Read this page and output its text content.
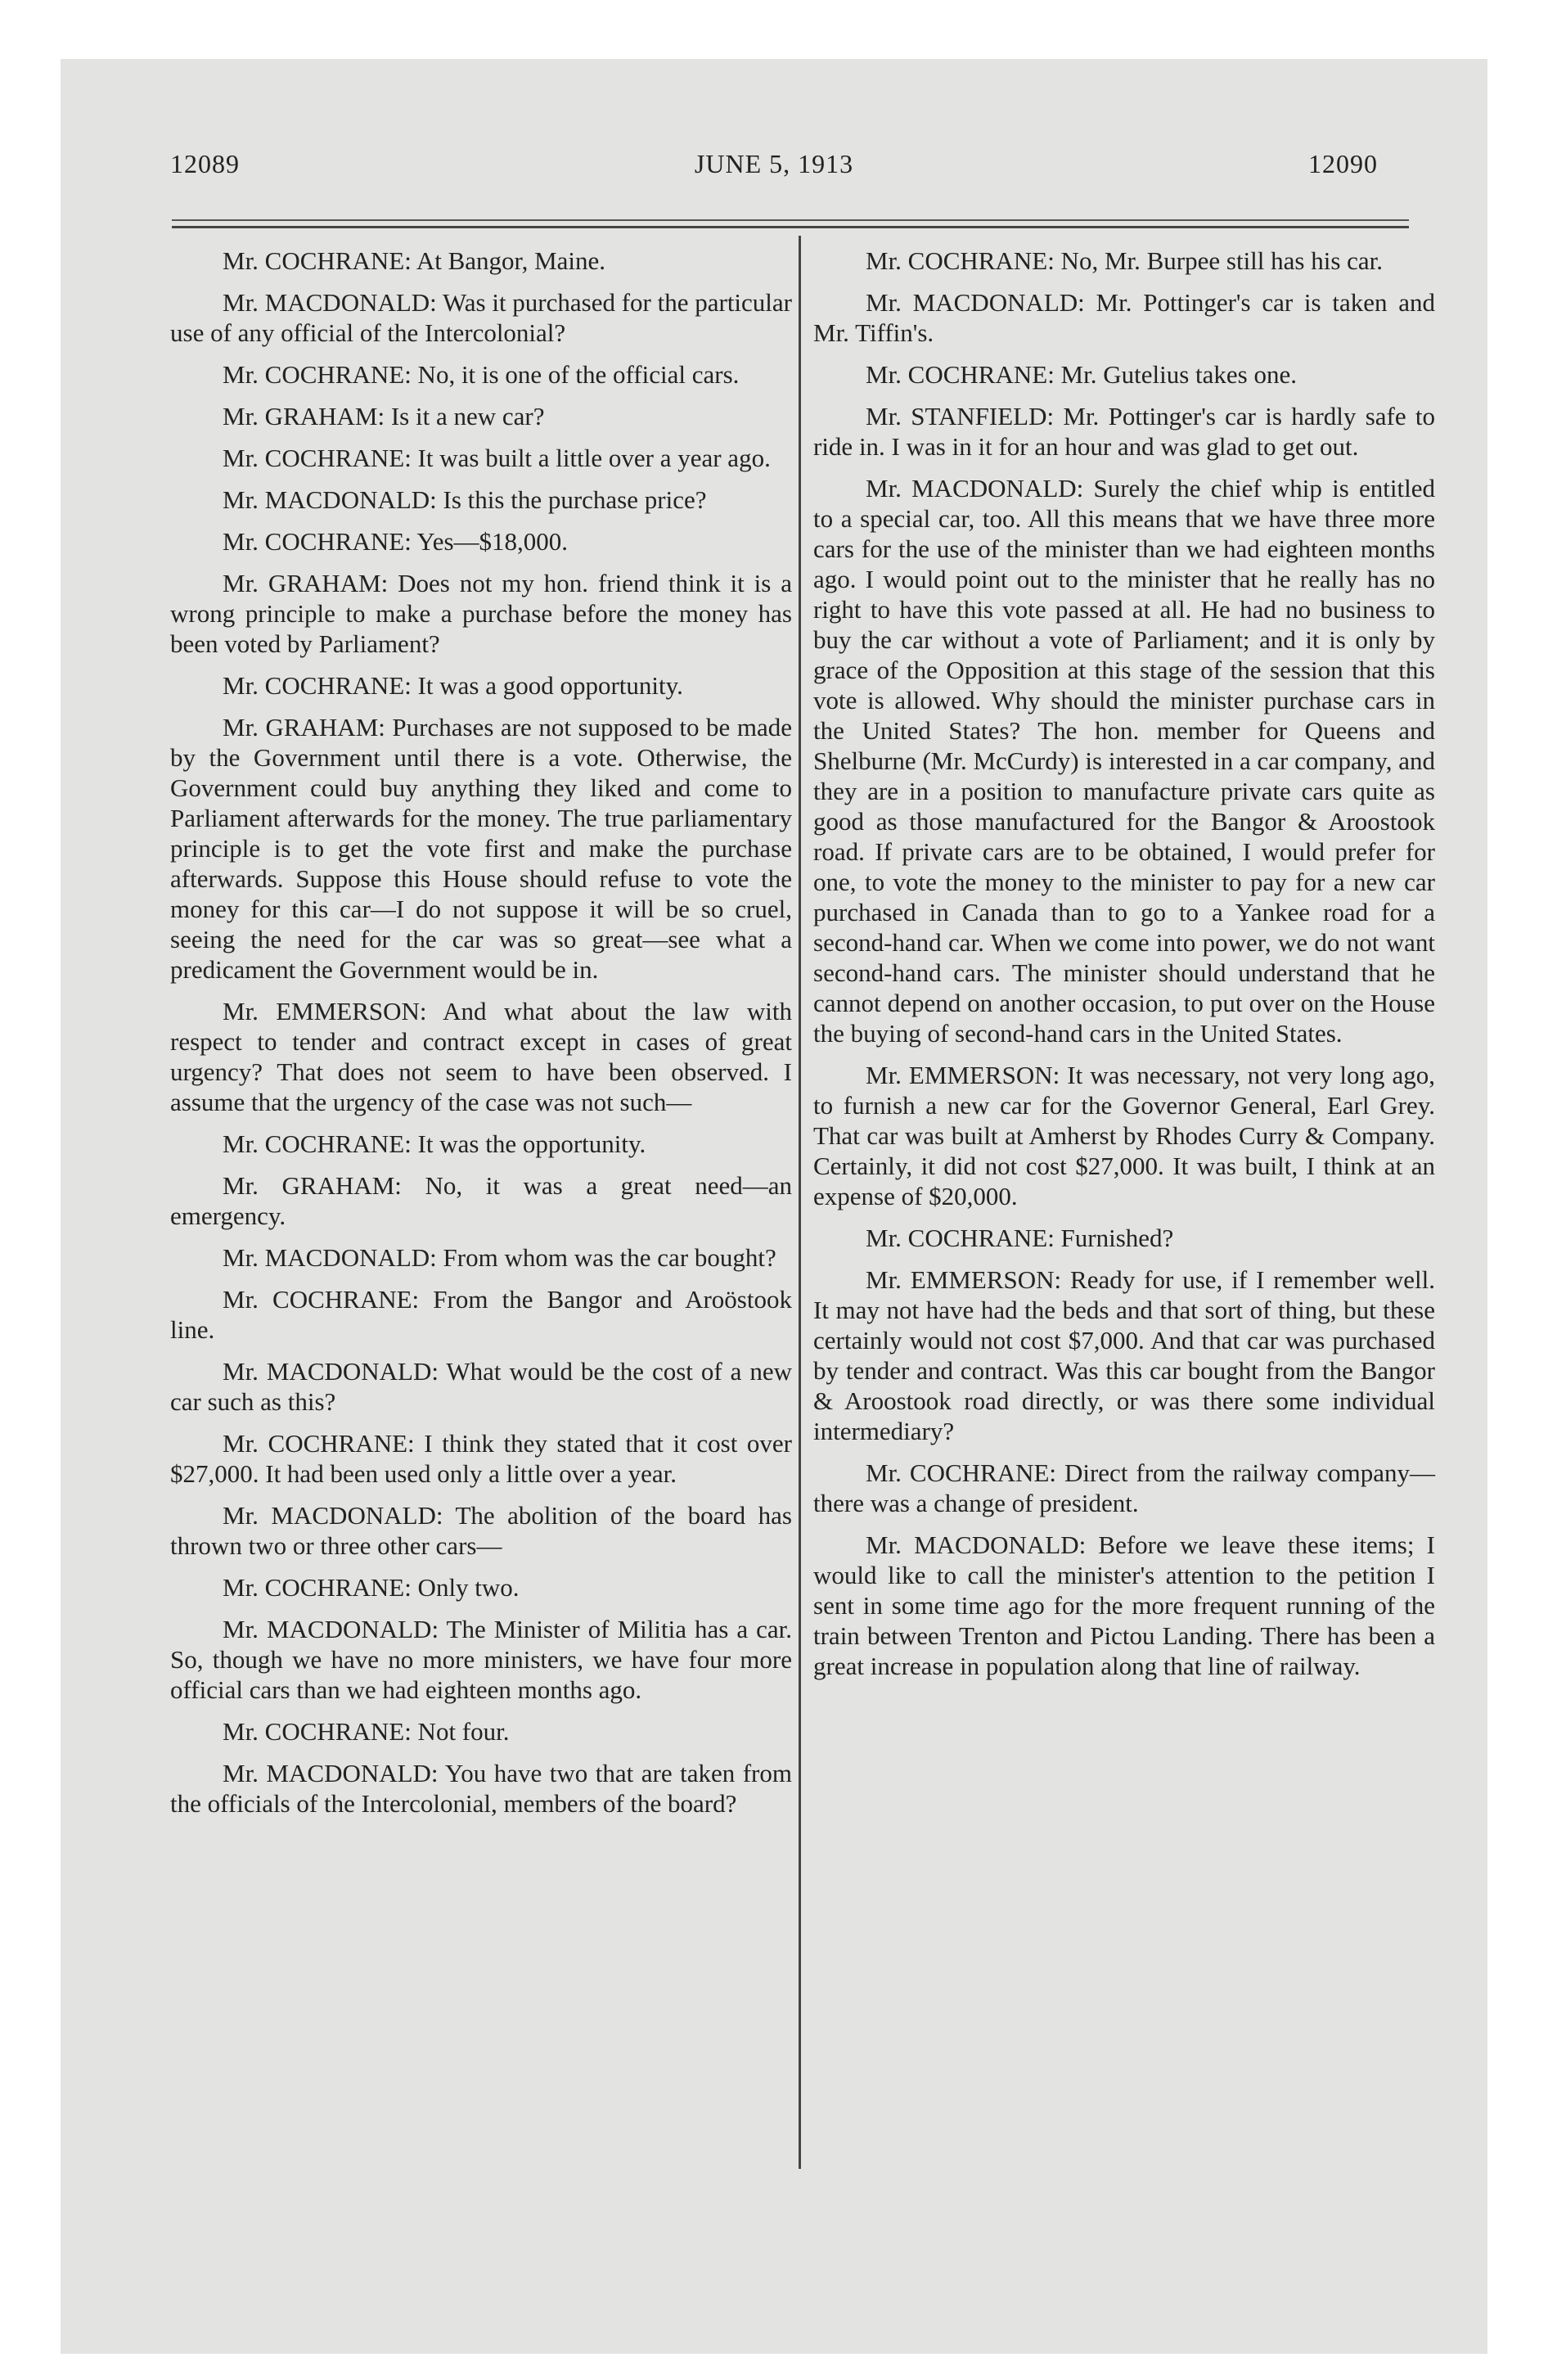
12089	JUNE 5, 1913	12090

Mr. COCHRANE: At Bangor, Maine.

Mr. MACDONALD: Was it purchased for the particular use of any official of the Intercolonial?

Mr. COCHRANE: No, it is one of the official cars.

Mr. GRAHAM: Is it a new car?

Mr. COCHRANE: It was built a little over a year ago.

Mr. MACDONALD: Is this the purchase price?

Mr. COCHRANE: Yes—$18,000.

Mr. GRAHAM: Does not my hon. friend think it is a wrong principle to make a purchase before the money has been voted by Parliament?

Mr. COCHRANE: It was a good opportunity.

Mr. GRAHAM: Purchases are not supposed to be made by the Government until there is a vote. Otherwise, the Government could buy anything they liked and come to Parliament afterwards for the money. The true parliamentary principle is to get the vote first and make the purchase afterwards. Suppose this House should refuse to vote the money for this car—I do not suppose it will be so cruel, seeing the need for the car was so great—see what a predicament the Government would be in.

Mr. EMMERSON: And what about the law with respect to tender and contract except in cases of great urgency? That does not seem to have been observed. I assume that the urgency of the case was not such—

Mr. COCHRANE: It was the opportunity.

Mr. GRAHAM: No, it was a great need—an emergency.

Mr. MACDONALD: From whom was the car bought?

Mr. COCHRANE: From the Bangor and Aroöstook line.

Mr. MACDONALD: What would be the cost of a new car such as this?

Mr. COCHRANE: I think they stated that it cost over $27,000. It had been used only a little over a year.

Mr. MACDONALD: The abolition of the board has thrown two or three other cars—

Mr. COCHRANE: Only two.

Mr. MACDONALD: The Minister of Militia has a car. So, though we have no more ministers, we have four more official cars than we had eighteen months ago.

Mr. COCHRANE: Not four.

Mr. MACDONALD: You have two that are taken from the officials of the Intercolonial, members of the board?

Mr. COCHRANE: No, Mr. Burpee still has his car.

Mr. MACDONALD: Mr. Pottinger's car is taken and Mr. Tiffin's.

Mr. COCHRANE: Mr. Gutelius takes one.

Mr. STANFIELD: Mr. Pottinger's car is hardly safe to ride in. I was in it for an hour and was glad to get out.

Mr. MACDONALD: Surely the chief whip is entitled to a special car, too. All this means that we have three more cars for the use of the minister than we had eighteen months ago. I would point out to the minister that he really has no right to have this vote passed at all. He had no business to buy the car without a vote of Parliament; and it is only by grace of the Opposition at this stage of the session that this vote is allowed. Why should the minister purchase cars in the United States? The hon. member for Queens and Shelburne (Mr. McCurdy) is interested in a car company, and they are in a position to manufacture private cars quite as good as those manufactured for the Bangor & Aroostook road. If private cars are to be obtained, I would prefer for one, to vote the money to the minister to pay for a new car purchased in Canada than to go to a Yankee road for a second-hand car. When we come into power, we do not want second-hand cars. The minister should understand that he cannot depend on another occasion, to put over on the House the buying of second-hand cars in the United States.

Mr. EMMERSON: It was necessary, not very long ago, to furnish a new car for the Governor General, Earl Grey. That car was built at Amherst by Rhodes Curry & Company. Certainly, it did not cost $27,000. It was built, I think at an expense of $20,000.

Mr. COCHRANE: Furnished?

Mr. EMMERSON: Ready for use, if I remember well. It may not have had the beds and that sort of thing, but these certainly would not cost $7,000. And that car was purchased by tender and contract. Was this car bought from the Bangor & Aroostook road directly, or was there some individual intermediary?

Mr. COCHRANE: Direct from the railway company—there was a change of president.

Mr. MACDONALD: Before we leave these items; I would like to call the minister's attention to the petition I sent in some time ago for the more frequent running of the train between Trenton and Pictou Landing. There has been a great increase in population along that line of railway.
